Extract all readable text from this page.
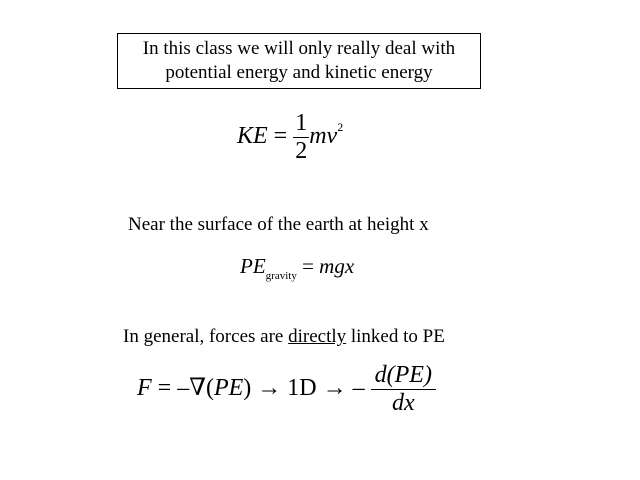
In this class we will only really deal with
potential energy and kinetic energy
KE = $\frac{1}{2} mv^2$
Near the surface of the earth at height x
$PE_{gravity}$ = mgx
In general, forces are directly linked to PE
F = –∇(PE) → 1D → – $\frac{d(PE)}{dx}$
